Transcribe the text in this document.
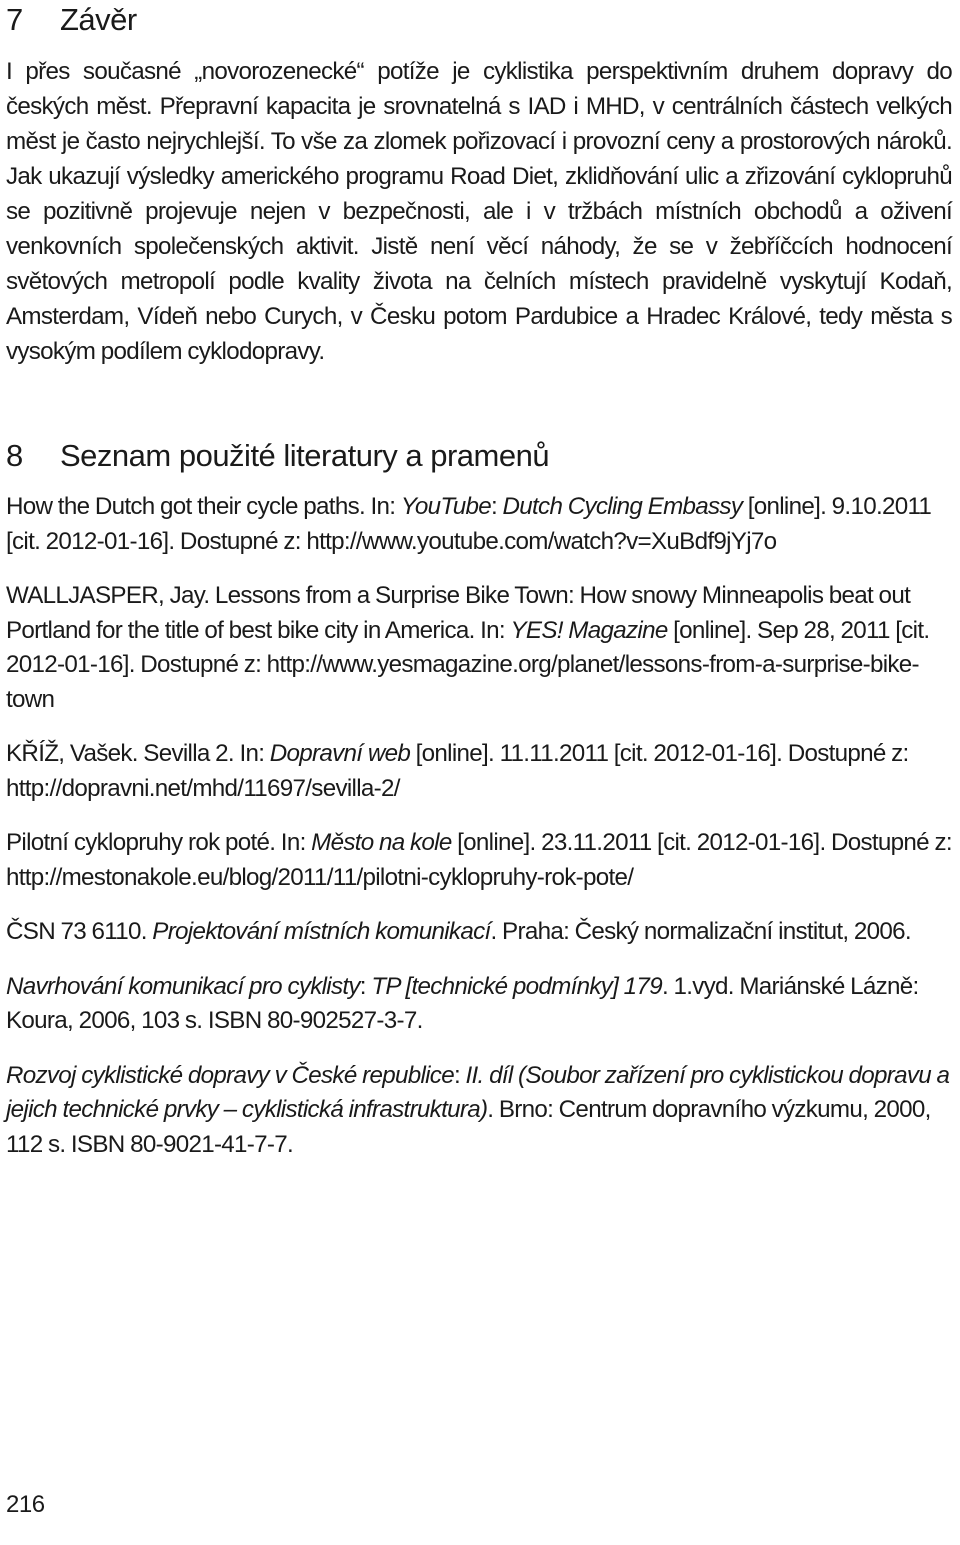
7 Závěr

I přes současné „novorozenecké“ potíže je cyklistika perspektivním druhem dopravy do českých měst. Přepravní kapacita je srovnatelná s IAD i MHD, v centrálních částech velkých měst je často nejrychlejší. To vše za zlomek pořizovací i provozní ceny a prostorových nároků. Jak ukazují výsledky amerického programu Road Diet, zklidňování ulic a zřizování cyklopruhů se pozitivně projevuje nejen v bezpečnosti, ale i v tržbách místních obchodů a oživení venkovních společenských aktivit. Jistě není věcí náhody, že se v žebříčcích hodnocení světových metropolí podle kvality života na čelních místech pravidelně vyskytují Kodaň, Amsterdam, Vídeň nebo Curych, v Česku potom Pardubice a Hradec Králové, tedy města s vysokým podílem cyklodopravy.

8 Seznam použité literatury a pramenů

How the Dutch got their cycle paths. In: YouTube: Dutch Cycling Embassy [online]. 9.10.2011 [cit. 2012-01-16]. Dostupné z: http://www.youtube.com/watch?v=XuBdf9jYj7o

WALLJASPER, Jay. Lessons from a Surprise Bike Town: How snowy Minneapolis beat out Portland for the title of best bike city in America. In: YES! Magazine [online]. Sep 28, 2011 [cit. 2012-01-16]. Dostupné z: http://www.yesmagazine.org/planet/lessons-from-a-surprise-bike-town

KŘÍŽ, Vašek. Sevilla 2. In: Dopravní web [online]. 11.11.2011 [cit. 2012-01-16]. Dostupné z: http://dopravni.net/mhd/11697/sevilla-2/

Pilotní cyklopruhy rok poté. In: Město na kole [online]. 23.11.2011 [cit. 2012-01-16]. Dostupné z: http://mestonakole.eu/blog/2011/11/pilotni-cyklopruhy-rok-pote/

ČSN 73 6110. Projektování místních komunikací. Praha: Český normalizační institut, 2006.

Navrhování komunikací pro cyklisty: TP [technické podmínky] 179. 1.vyd. Mariánské Lázně: Koura, 2006, 103 s. ISBN 80-902527-3-7.

Rozvoj cyklistické dopravy v České republice: II. díl (Soubor zařízení pro cyklistickou dopravu a jejich technické prvky – cyklistická infrastruktura). Brno: Centrum dopravního výzkumu, 2000, 112 s. ISBN 80-9021-41-7-7.

216
